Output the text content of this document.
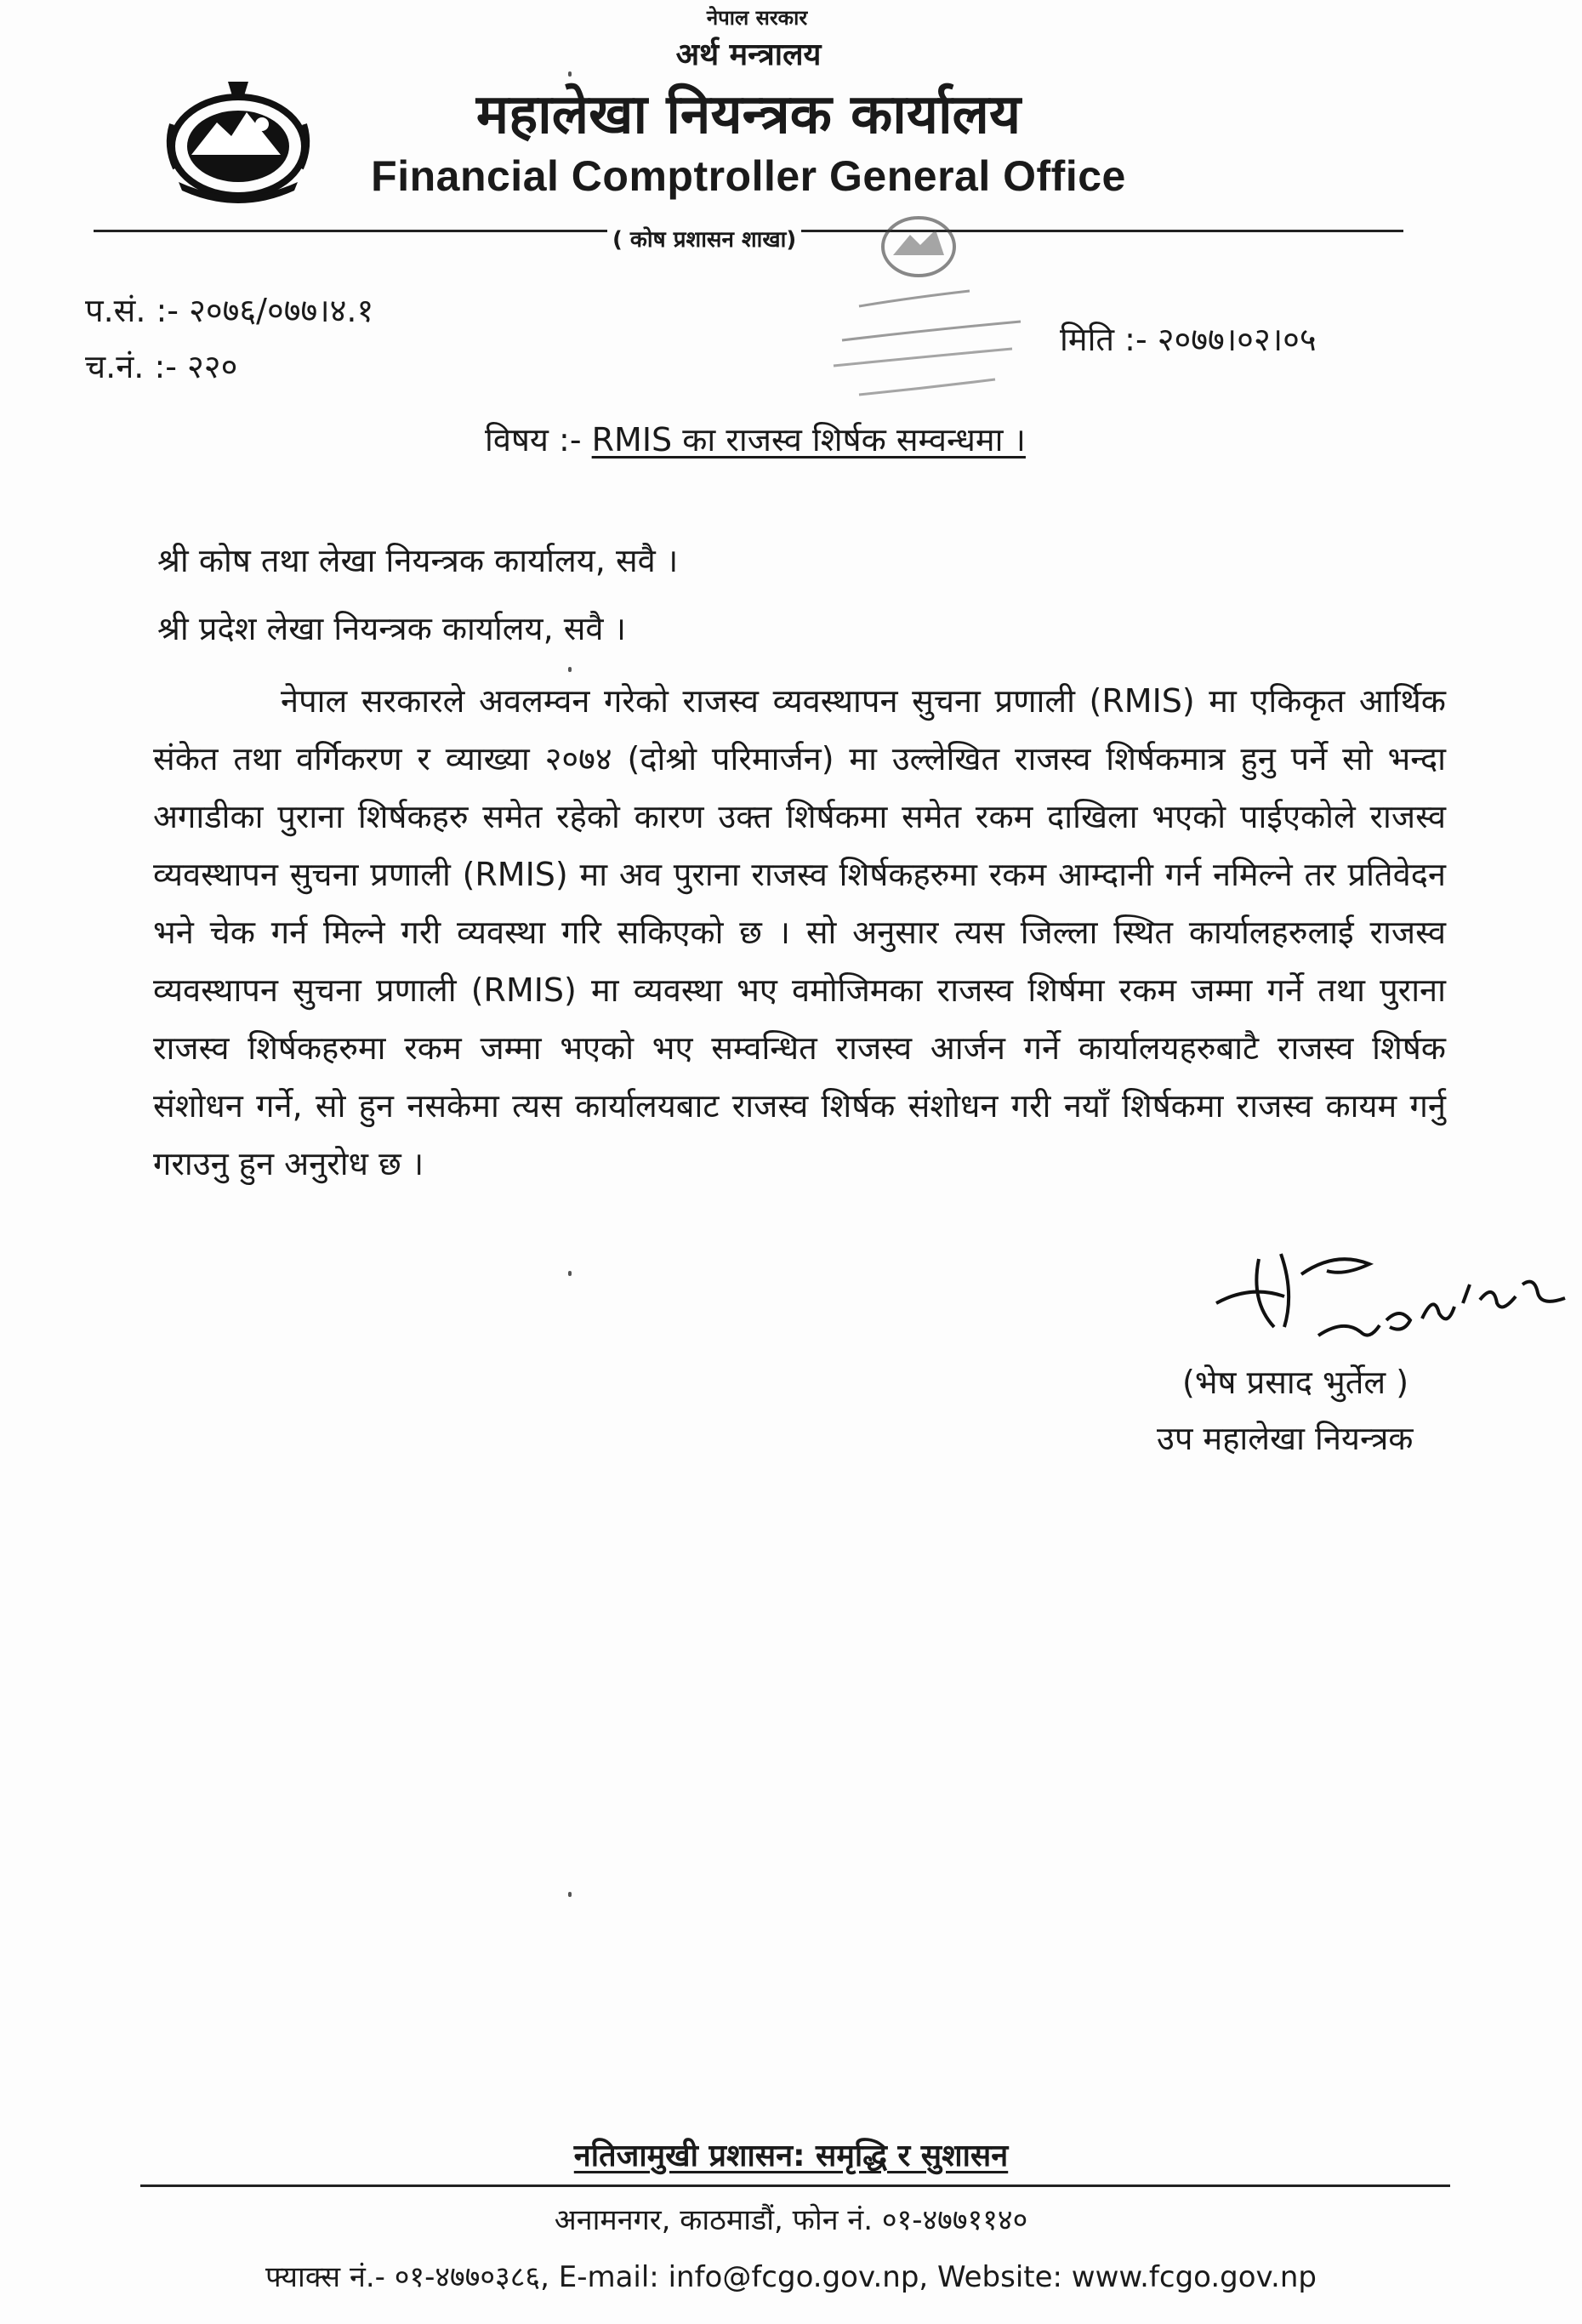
नेपाल सरकार
अर्थ मन्त्रालय
महालेखा नियन्त्रक कार्यालय
Financial Comptroller General Office
( कोष प्रशासन शाखा)
प.सं. :- २०७६/०७७।४.१
च.नं. :- २२०
मिति :- २०७७।०२।०५
विषय :- RMIS का राजस्व शिर्षक सम्वन्धमा ।
श्री कोष तथा लेखा नियन्त्रक कार्यालय, सवै ।
श्री प्रदेश लेखा नियन्त्रक कार्यालय, सवै ।
नेपाल सरकारले अवलम्वन गरेको राजस्व व्यवस्थापन सुचना प्रणाली (RMIS) मा एकिकृत आर्थिक संकेत तथा वर्गिकरण र व्याख्या २०७४ (दोश्रो परिमार्जन) मा उल्लेखित राजस्व शिर्षकमात्र हुनु पर्ने सो भन्दा अगाडीका पुराना शिर्षकहरु समेत रहेको कारण उक्त शिर्षकमा समेत रकम दाखिला भएको पाईएकोले राजस्व व्यवस्थापन सुचना प्रणाली (RMIS) मा अव पुराना राजस्व शिर्षकहरुमा रकम आम्दानी गर्न नमिल्ने तर प्रतिवेदन भने चेक गर्न मिल्ने गरी व्यवस्था गरि सकिएको छ । सो अनुसार त्यस जिल्ला स्थित कार्यालहरुलाई राजस्व व्यवस्थापन सुचना प्रणाली (RMIS) मा व्यवस्था भए वमोजिमका राजस्व शिर्षमा रकम जम्मा गर्ने तथा पुराना राजस्व शिर्षकहरुमा रकम जम्मा भएको भए सम्वन्धित राजस्व आर्जन गर्ने कार्यालयहरुबाटै राजस्व शिर्षक संशोधन गर्ने, सो हुन नसकेमा त्यस कार्यालयबाट राजस्व शिर्षक संशोधन गरी नयाँ शिर्षकमा राजस्व कायम गर्नु गराउनु हुन अनुरोध छ ।
(भेष प्रसाद भुर्तेल )
उप महालेखा नियन्त्रक
नतिजामुखी प्रशासन: समृद्धि र सुशासन
अनामनगर, काठमाडौं, फोन नं. ०१-४७७११४०
फ्याक्स नं.- ०१-४७७०३८६, E-mail: info@fcgo.gov.np, Website: www.fcgo.gov.np
